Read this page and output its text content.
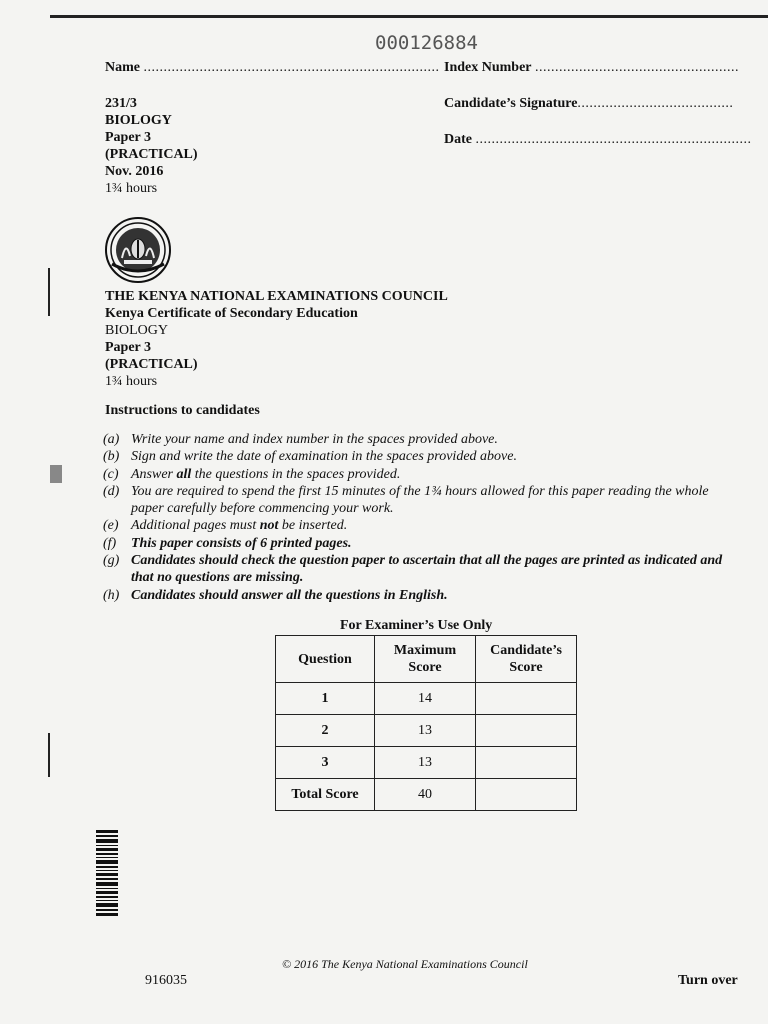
000126884
Name .......................................................................... Index Number ...................................................
231/3
BIOLOGY
Paper 3
(PRACTICAL)
Nov. 2016
1¾ hours
Candidate’s Signature.......................................
Date .....................................................................
THE KENYA NATIONAL EXAMINATIONS COUNCIL
Kenya Certificate of Secondary Education
BIOLOGY
Paper 3
(PRACTICAL)
1¾ hours
Instructions to candidates
(a) Write your name and index number in the spaces provided above.
(b) Sign and write the date of examination in the spaces provided above.
(c) Answer all the questions in the spaces provided.
(d) You are required to spend the first 15 minutes of the 1¾ hours allowed for this paper reading the whole paper carefully before commencing your work.
(e) Additional pages must not be inserted.
(f)	This paper consists of 6 printed pages.
(g) Candidates should check the question paper to ascertain that all the pages are printed as indicated and that no questions are missing.
(h) Candidates should answer all the questions in English.
For Examiner’s Use Only
Question	Maximum Score	Candidate’s Score
1	14	
2	13	
3	13	
Total Score	40	
© 2016 The Kenya National Examinations Council
916035	Turn over
